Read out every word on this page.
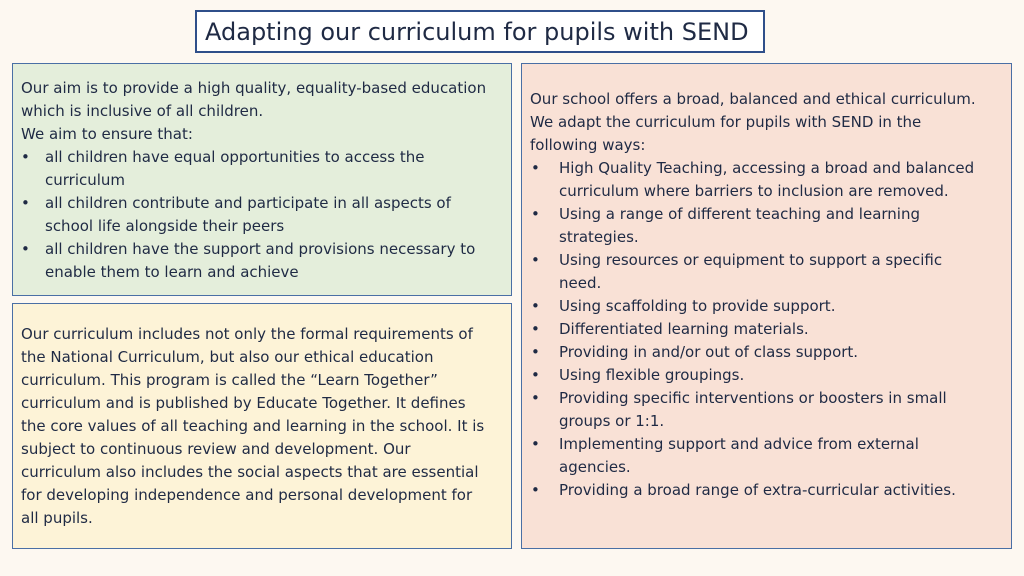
Adapting our curriculum for pupils with SEND
Our aim is to provide a high quality, equality-based education
which is inclusive of all children.
We aim to ensure that:
• all children have equal opportunities to access the
curriculum
• all children contribute and participate in all aspects of
school life alongside their peers
• all children have the support and provisions necessary to
enable them to learn and achieve
Our curriculum includes not only the formal requirements of
the National Curriculum, but also our ethical education
curriculum. This program is called the “Learn Together”
curriculum and is published by Educate Together. It defines
the core values of all teaching and learning in the school. It is
subject to continuous review and development. Our
curriculum also includes the social aspects that are essential
for developing independence and personal development for
all pupils.
Our school offers a broad, balanced and ethical curriculum.
We adapt the curriculum for pupils with SEND in the
following ways:
• High Quality Teaching, accessing a broad and balanced
curriculum where barriers to inclusion are removed.
• Using a range of different teaching and learning
strategies.
• Using resources or equipment to support a specific
need.
• Using scaffolding to provide support.
• Differentiated learning materials.
• Providing in and/or out of class support.
• Using flexible groupings.
• Providing specific interventions or boosters in small
groups or 1:1.
• Implementing support and advice from external
agencies.
• Providing a broad range of extra-curricular activities.
